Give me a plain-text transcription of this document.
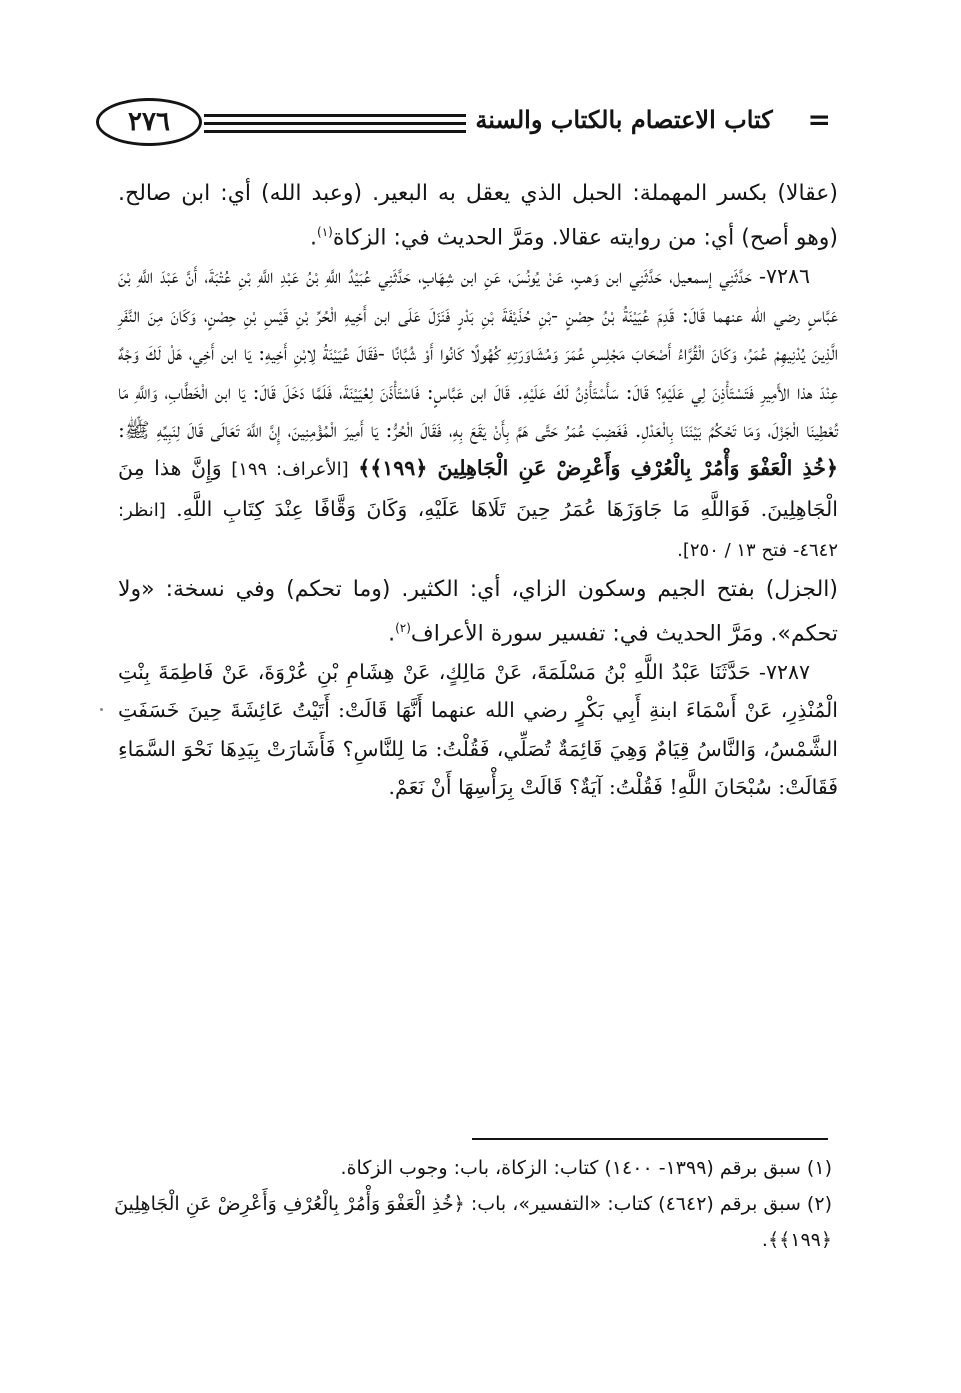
٢٧٦	كتاب الاعتصام بالكتاب والسنة =

(عقالا) بكسر المهملة: الحبل الذي يعقل به البعير. (وعبد الله) أي: ابن صالح. (وهو أصح) أي: من روايته عقالا. ومَرَّ الحديث في: الزكاة$^{(١)}$.

٧٢٨٦- حَدَّثَنِي إسمعيل، حَدَّثَنِي ابن وَهبٍ، عَنْ يُونُسَ، عَنِ ابن شِهَابٍ، حَدَّثَنِي عُبَيْدُ اللَّهِ بْنُ عَبْدِ اللَّهِ بْنِ عُتْبَةَ، أَنَّ عَبْدَ اللَّهِ بْنَ عَبَّاسٍ رضي الله عنهما قَالَ: قَدِمَ عُيَيْنَةُ بْنُ حِصْنٍ -بْنِ حُذَيْفَةَ بْنِ بَدْرٍ فَنَزَلَ عَلَى ابن أَخِيهِ الْحُرِّ بْنِ قَيْسِ بْنِ حِصْنٍ، وَكَانَ مِنَ النَّفَرِ الَّذِينَ يُدْنِيهِمْ عُمَرُ، وَكَانَ الْقُرَّاءُ أَصْحَابَ مَجْلِسِ عُمَرَ وَمُشَاوَرَتِهِ كُهُولًا كَانُوا أَوْ شُبَّانًا -فَقَالَ عُيَيْنَةُ لِابْنِ أَخِيهِ: يَا ابن أَخِي، هَلْ لَكَ وَجْهٌ عِنْدَ هذا الأَمِيرِ فَتَسْتَأْذِنَ لِي عَلَيْهِ؟ قَالَ: سَأَسْتَأْذِنُ لَكَ عَلَيْهِ. قَالَ ابن عَبَّاسٍ: فَاسْتَأْذَنَ لِعُيَيْنَةَ، فَلَمَّا دَخَلَ قَالَ: يَا ابن الْخَطَّابِ، وَاللَّهِ مَا تُعْطِينَا الْجَزْلَ، وَمَا تَحْكُمُ بَيْنَنَا بِالْعَدْلِ. فَغَضِبَ عُمَرُ حَتَّى هَمَّ بِأَنْ يَقَعَ بِهِ، فَقَالَ الْحُرُّ: يَا أَمِيرَ الْمُؤْمِنِينَ، إِنَّ اللَّهَ تَعَالَى قَالَ لِنَبِيِّهِ ﷺ: ﴿خُذِ الْعَفْوَ وَأْمُرْ بِالْعُرْفِ وَأَعْرِضْ عَنِ الْجَاهِلِينَ ﴿١٩٩﴾﴾ [الأعراف: ١٩٩] وَإِنَّ هذا مِنَ الْجَاهِلِينَ. فَوَاللَّهِ مَا جَاوَزَهَا عُمَرُ حِينَ تَلَاهَا عَلَيْهِ، وَكَانَ وَقَّافًا عِنْدَ كِتَابِ اللَّهِ. [انظر: ٤٦٤٢- فتح ١٣ / ٢٥٠].

(الجزل) بفتح الجيم وسكون الزاي، أي: الكثير. (وما تحكم) وفي نسخة: «ولا تحكم». ومَرَّ الحديث في: تفسير سورة الأعراف$^{(٢)}$.

٧٢٨٧- حَدَّثَنَا عَبْدُ اللَّهِ بْنُ مَسْلَمَةَ، عَنْ مَالِكٍ، عَنْ هِشَامِ بْنِ عُرْوَةَ، عَنْ فَاطِمَةَ بِنْتِ الْمُنْذِرِ، عَنْ أَسْمَاءَ ابنةِ أَبِي بَكْرٍ رضي الله عنهما أَنَّهَا قَالَتْ: أَتَيْتُ عَائِشَةَ حِينَ خَسَفَتِ الشَّمْسُ، وَالنَّاسُ قِيَامٌ وَهِيَ قَائِمَةٌ تُصَلِّي، فَقُلْتُ: مَا لِلنَّاسِ؟ فَأَشَارَتْ بِيَدِهَا نَحْوَ السَّمَاءِ فَقَالَتْ: سُبْحَانَ اللَّهِ! فَقُلْتُ: آيَةٌ؟ قَالَتْ بِرَأْسِهَا أَنْ نَعَمْ.

(١) سبق برقم (١٣٩٩- ١٤٠٠) كتاب: الزكاة، باب: وجوب الزكاة.

(٢) سبق برقم (٤٦٤٢) كتاب: «التفسير»، باب: ﴿خُذِ الْعَفْوَ وَأْمُرْ بِالْعُرْفِ وَأَعْرِضْ عَنِ الْجَاهِلِينَ ﴿١٩٩﴾﴾.
